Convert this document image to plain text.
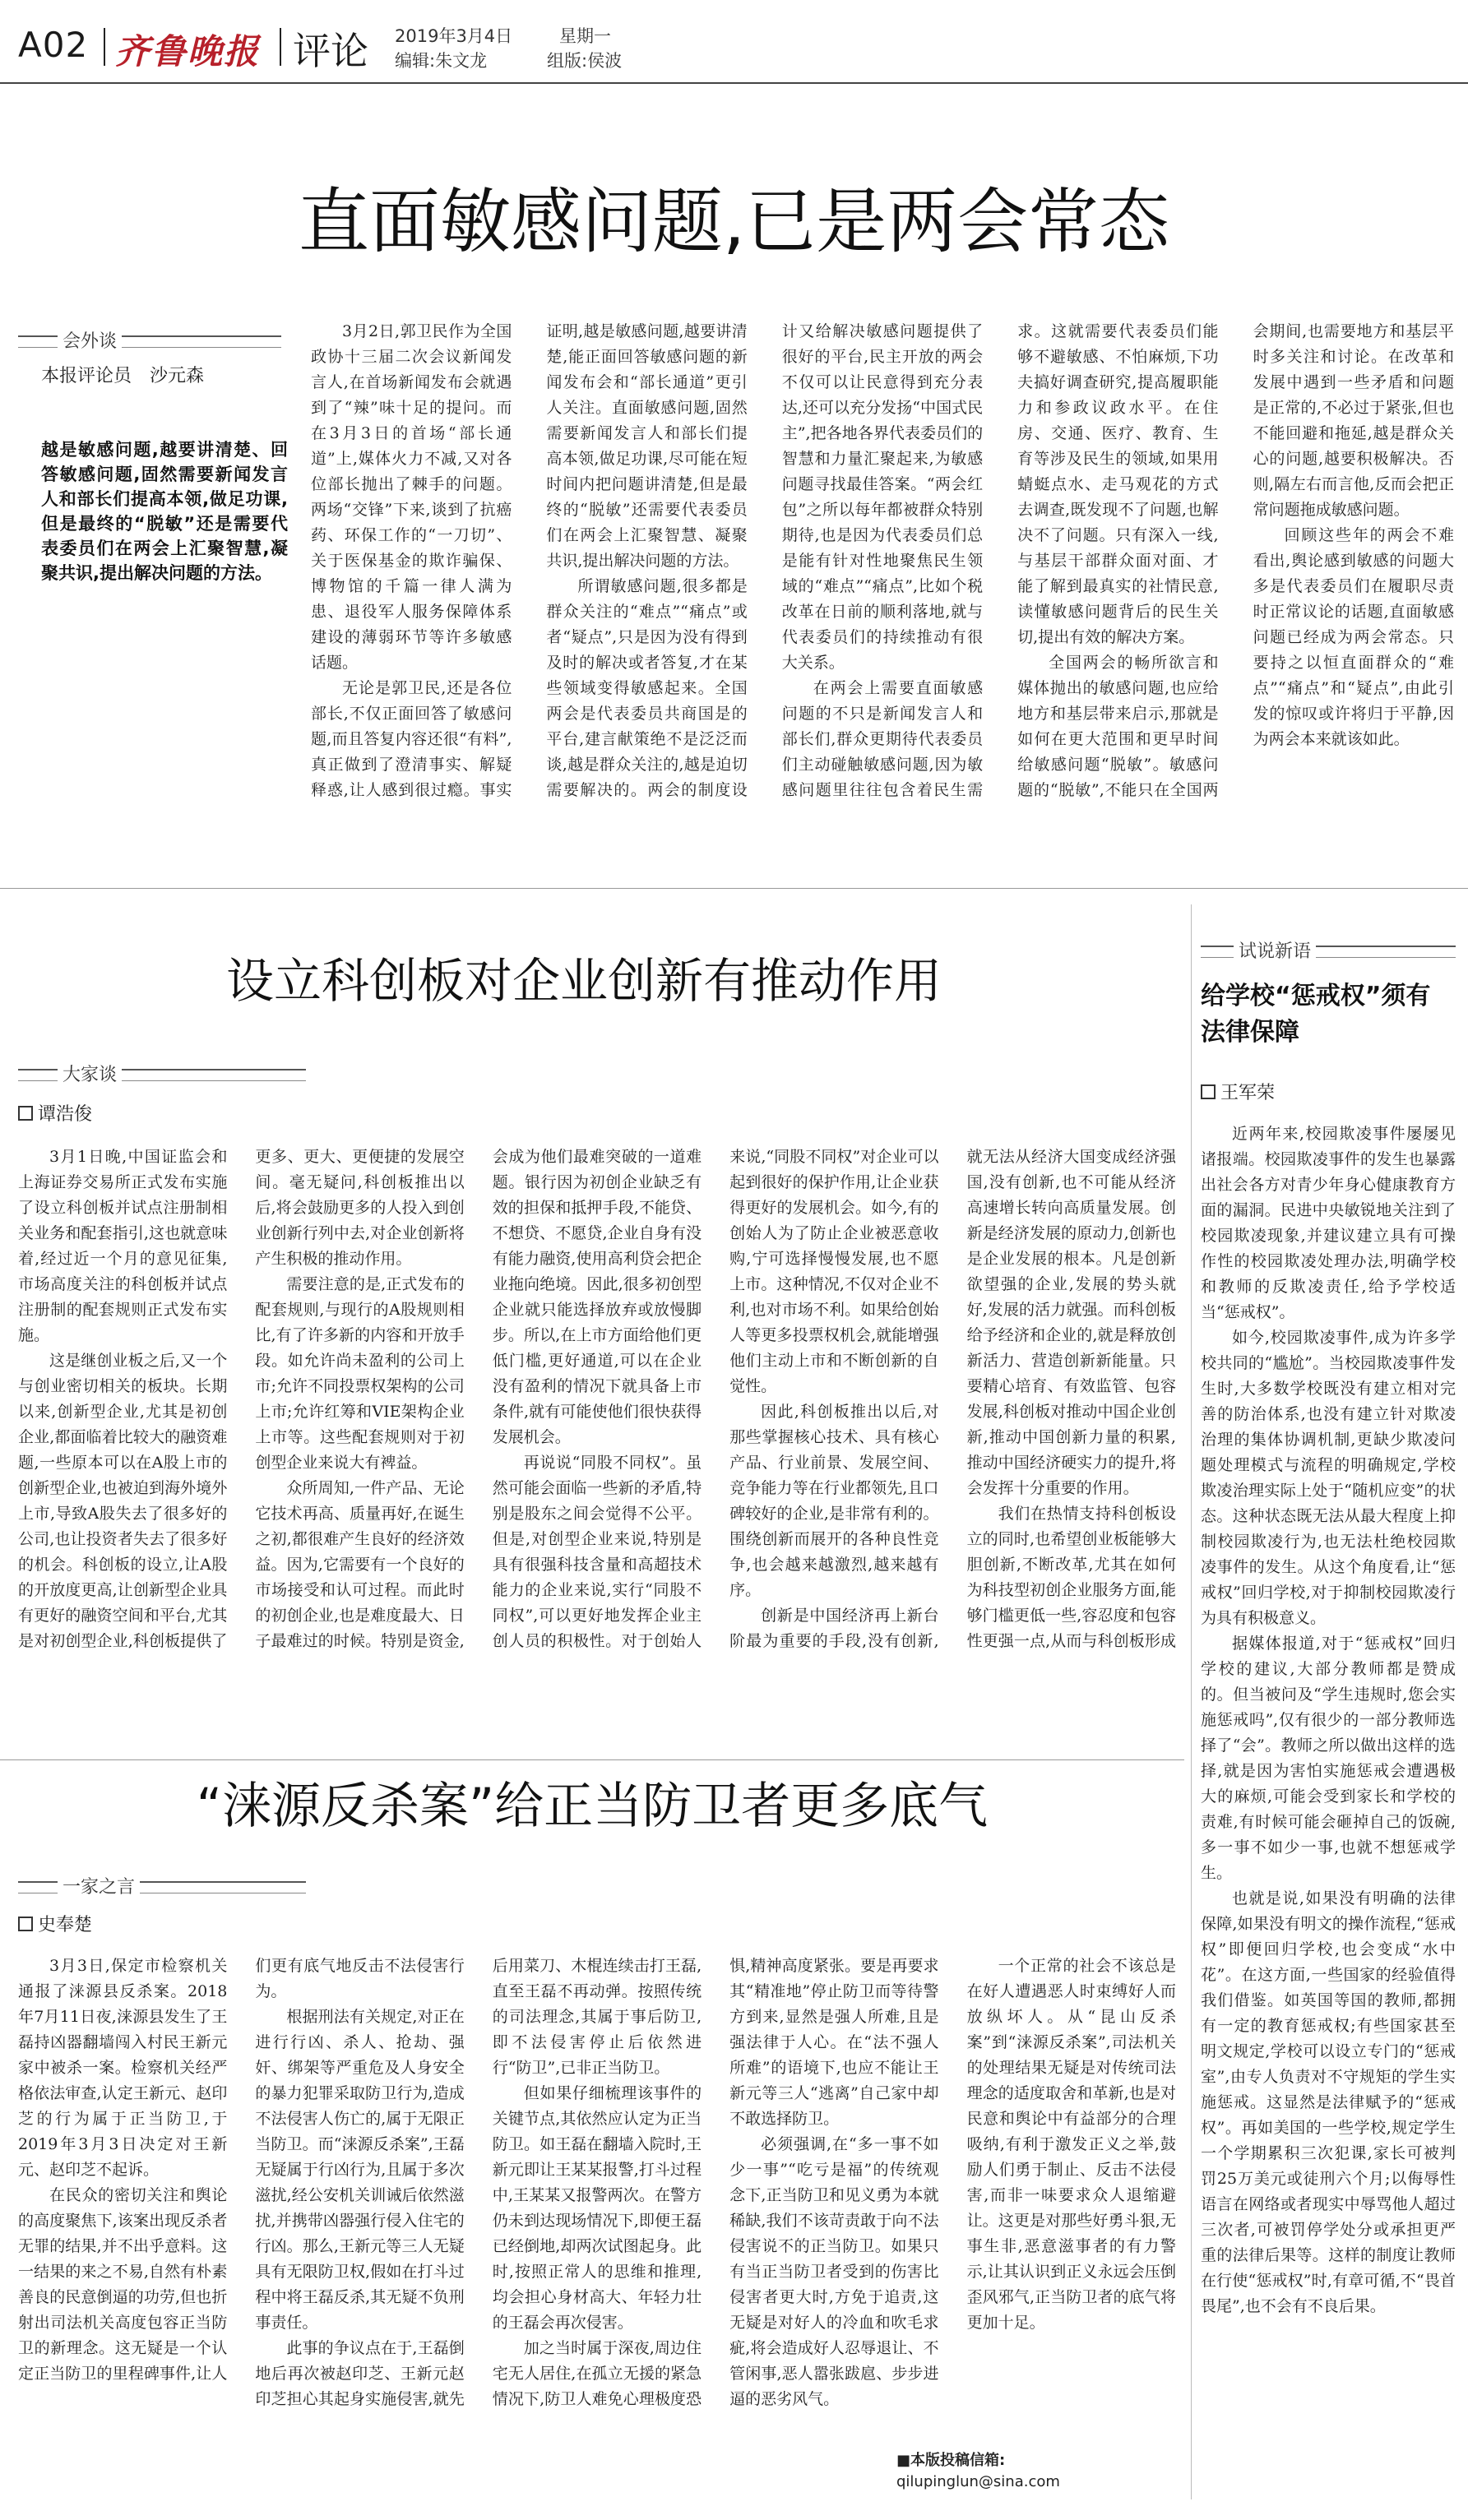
A02 齐鲁晚报 评论 2019年3月4日	星期一
编辑:朱文龙	组版:侯波
直面敏感问题,已是两会常态
会外谈
本报评论员　沙元森
越是敏感问题,越要讲清楚、回答敏感问题,固然需要新闻发言人和部长们提高本领,做足功课,但是最终的“脱敏”还是需要代表委员们在两会上汇聚智慧,凝聚共识,提出解决问题的方法。

3月2日,郭卫民作为全国政协十三届二次会议新闻发言人,在首场新闻发布会就遇到了“辣”味十足的提问。而在3月3日的首场“部长通道”上,媒体火力不减,又对各位部长抛出了棘手的问题。两场“交锋”下来,谈到了抗癌药、环保工作的“一刀切”、关于医保基金的欺诈骗保、博物馆的千篇一律人满为患、退役军人服务保障体系建设的薄弱环节等许多敏感话题。

无论是郭卫民,还是各位部长,不仅正面回答了敏感问题,而且答复内容还很“有料”,真正做到了澄清事实、解疑释惑,让人感到很过瘾。事实证明,越是敏感问题,越要讲清楚,能正面回答敏感问题的新闻发布会和“部长通道”更引人关注。直面敏感问题,固然需要新闻发言人和部长们提高本领,做足功课,尽可能在短时间内把问题讲清楚,但是最终的“脱敏”还需要代表委员们在两会上汇聚智慧、凝聚共识,提出解决问题的方法。

所谓敏感问题,很多都是群众关注的“难点”“痛点”或者“疑点”,只是因为没有得到及时的解决或者答复,才在某些领域变得敏感起来。全国两会是代表委员共商国是的平台,建言献策绝不是泛泛而谈,越是群众关注的,越是迫切需要解决的。两会的制度设计又给解决敏感问题提供了很好的平台,民主开放的两会不仅可以让民意得到充分表达,还可以充分发扬“中国式民主”,把各地各界代表委员们的智慧和力量汇聚起来,为敏感问题寻找最佳答案。“两会红包”之所以每年都被群众特别期待,也是因为代表委员们总是能有针对性地聚焦民生领域的“难点”“痛点”,比如个税改革在日前的顺利落地,就与代表委员们的持续推动有很大关系。

在两会上需要直面敏感问题的不只是新闻发言人和部长们,群众更期待代表委员们主动碰触敏感问题,因为敏感问题里往往包含着民生需求。这就需要代表委员们能够不避敏感、不怕麻烦,下功夫搞好调查研究,提高履职能力和参政议政水平。在住房、交通、医疗、教育、生育等涉及民生的领域,如果用蜻蜓点水、走马观花的方式去调查,既发现不了问题,也解决不了问题。只有深入一线,与基层干部群众面对面、才能了解到最真实的社情民意,读懂敏感问题背后的民生关切,提出有效的解决方案。

全国两会的畅所欲言和媒体抛出的敏感问题,也应给地方和基层带来启示,那就是如何在更大范围和更早时间给敏感问题“脱敏”。敏感问题的“脱敏”,不能只在全国两会期间,也需要地方和基层平时多关注和讨论。在改革和发展中遇到一些矛盾和问题是正常的,不必过于紧张,但也不能回避和拖延,越是群众关心的问题,越要积极解决。否则,隔左右而言他,反而会把正常问题拖成敏感问题。

回顾这些年的两会不难看出,舆论感到敏感的问题大多是代表委员们在履职尽责时正常议论的话题,直面敏感问题已经成为两会常态。只要持之以恒直面群众的“难点”“痛点”和“疑点”,由此引发的惊叹或许将归于平静,因为两会本来就该如此。

设立科创板对企业创新有推动作用
大家谈
谭浩俊

3月1日晚,中国证监会和上海证券交易所正式发布实施了设立科创板并试点注册制相关业务和配套指引,这也就意味着,经过近一个月的意见征集,市场高度关注的科创板并试点注册制的配套规则正式发布实施。

这是继创业板之后,又一个与创业密切相关的板块。长期以来,创新型企业,尤其是初创企业,都面临着比较大的融资难题,一些原本可以在A股上市的创新型企业,也被迫到海外境外上市,导致A股失去了很多好的公司,也让投资者失去了很多好的机会。科创板的设立,让A股的开放度更高,让创新型企业具有更好的融资空间和平台,尤其是对初创型企业,科创板提供了更多、更大、更便捷的发展空间。毫无疑问,科创板推出以后,将会鼓励更多的人投入到创业创新行列中去,对企业创新将产生积极的推动作用。

需要注意的是,正式发布的配套规则,与现行的A股规则相比,有了许多新的内容和开放手段。如允许尚未盈利的公司上市;允许不同投票权架构的公司上市;允许红筹和VIE架构企业上市等。这些配套规则对于初创型企业来说大有裨益。

众所周知,一件产品、无论它技术再高、质量再好,在诞生之初,都很难产生良好的经济效益。因为,它需要有一个良好的市场接受和认可过程。而此时的初创企业,也是难度最大、日子最难过的时候。特别是资金,会成为他们最难突破的一道难题。银行因为初创企业缺乏有效的担保和抵押手段,不能贷、不想贷、不愿贷,企业自身有没有能力融资,使用高利贷会把企业拖向绝境。因此,很多初创型企业就只能选择放弃或放慢脚步。所以,在上市方面给他们更低门槛,更好通道,可以在企业没有盈利的情况下就具备上市条件,就有可能使他们很快获得发展机会。

再说说“同股不同权”。虽然可能会面临一些新的矛盾,特别是股东之间会觉得不公平。但是,对创型企业来说,特别是具有很强科技含量和高超技术能力的企业来说,实行“同股不同权”,可以更好地发挥企业主创人员的积极性。对于创始人来说,“同股不同权”对企业可以起到很好的保护作用,让企业获得更好的发展机会。如今,有的创始人为了防止企业被恶意收购,宁可选择慢慢发展,也不愿上市。这种情况,不仅对企业不利,也对市场不利。如果给创始人等更多投票权机会,就能增强他们主动上市和不断创新的自觉性。

因此,科创板推出以后,对那些掌握核心技术、具有核心产品、行业前景、发展空间、竞争能力等在行业都领先,且口碑较好的企业,是非常有利的。围绕创新而展开的各种良性竞争,也会越来越激烈,越来越有序。

创新是中国经济再上新台阶最为重要的手段,没有创新,就无法从经济大国变成经济强国,没有创新,也不可能从经济高速增长转向高质量发展。创新是经济发展的原动力,创新也是企业发展的根本。凡是创新欲望强的企业,发展的势头就好,发展的活力就强。而科创板给予经济和企业的,就是释放创新活力、营造创新新能量。只要精心培育、有效监管、包容发展,科创板对推动中国企业创新,推动中国创新力量的积累,推动中国经济硬实力的提升,将会发挥十分重要的作用。

我们在热情支持科创板设立的同时,也希望创业板能够大胆创新,不断改革,尤其在如何为科技型初创企业服务方面,能够门槛更低一些,容忍度和包容性更强一点,从而与科创板形成

“涞源反杀案”给正当防卫者更多底气
一家之言
史奉楚

3月3日,保定市检察机关通报了涞源县反杀案。2018年7月11日夜,涞源县发生了王磊持凶器翻墙闯入村民王新元家中被杀一案。检察机关经严格依法审查,认定王新元、赵印芝的行为属于正当防卫,于2019年3月3日决定对王新元、赵印芝不起诉。

在民众的密切关注和舆论的高度聚焦下,该案出现反杀者无罪的结果,并不出乎意料。这一结果的来之不易,自然有朴素善良的民意倒逼的功劳,但也折射出司法机关高度包容正当防卫的新理念。这无疑是一个认定正当防卫的里程碑事件,让人们更有底气地反击不法侵害行为。

根据刑法有关规定,对正在进行行凶、杀人、抢劫、强奸、绑架等严重危及人身安全的暴力犯罪采取防卫行为,造成不法侵害人伤亡的,属于无限正当防卫。而“涞源反杀案”,王磊无疑属于行凶行为,且属于多次滋扰,经公安机关训诫后依然滋扰,并携带凶器强行侵入住宅的行凶。那么,王新元等三人无疑具有无限防卫权,假如在打斗过程中将王磊反杀,其无疑不负刑事责任。

此事的争议点在于,王磊倒地后再次被赵印芝、王新元赵印芝担心其起身实施侵害,就先后用菜刀、木棍连续击打王磊,直至王磊不再动弹。按照传统的司法理念,其属于事后防卫,即不法侵害停止后依然进行“防卫”,已非正当防卫。

但如果仔细梳理该事件的关键节点,其依然应认定为正当防卫。如王磊在翻墙入院时,王新元即让王某某报警,打斗过程中,王某某又报警两次。在警方仍未到达现场情况下,即便王磊已经倒地,却两次试图起身。此时,按照正常人的思维和推理,均会担心身材高大、年轻力壮的王磊会再次侵害。

加之当时属于深夜,周边住宅无人居住,在孤立无援的紧急情况下,防卫人难免心理极度恐惧,精神高度紧张。要是再要求其“精准地”停止防卫而等待警方到来,显然是强人所难,且是强法律于人心。在“法不强人所难”的语境下,也应不能让王新元等三人“逃离”自己家中却不敢选择防卫。

必须强调,在“多一事不如少一事”“吃亏是福”的传统观念下,正当防卫和见义勇为本就稀缺,我们不该苛责敢于向不法侵害说不的正当防卫。如果只有当正当防卫者受到的伤害比侵害者更大时,方免于追责,这无疑是对好人的冷血和吹毛求疵,将会造成好人忍辱退让、不管闲事,恶人嚣张跋扈、步步进逼的恶劣风气。

一个正常的社会不该总是在好人遭遇恶人时束缚好人而放纵坏人。从“昆山反杀案”到“涞源反杀案”,司法机关的处理结果无疑是对传统司法理念的适度取舍和革新,也是对民意和舆论中有益部分的合理吸纳,有利于激发正义之举,鼓励人们勇于制止、反击不法侵害,而非一味要求众人退缩避让。这更是对那些好勇斗狠,无事生非,恶意滋事者的有力警示,让其认识到正义永远会压倒歪风邪气,正当防卫者的底气将更加十足。

■本版投稿信箱:
qilupinglun@sina.com
试说新语
给学校“惩戒权”须有法律保障
王军荣

近两年来,校园欺凌事件屡屡见诸报端。校园欺凌事件的发生也暴露出社会各方对青少年身心健康教育方面的漏洞。民进中央敏锐地关注到了校园欺凌现象,并建议建立具有可操作性的校园欺凌处理办法,明确学校和教师的反欺凌责任,给予学校适当“惩戒权”。

如今,校园欺凌事件,成为许多学校共同的“尴尬”。当校园欺凌事件发生时,大多数学校既没有建立相对完善的防治体系,也没有建立针对欺凌治理的集体协调机制,更缺少欺凌问题处理模式与流程的明确规定,学校欺凌治理实际上处于“随机应变”的状态。这种状态既无法从最大程度上抑制校园欺凌行为,也无法杜绝校园欺凌事件的发生。从这个角度看,让“惩戒权”回归学校,对于抑制校园欺凌行为具有积极意义。

据媒体报道,对于“惩戒权”回归学校的建议,大部分教师都是赞成的。但当被问及“学生违规时,您会实施惩戒吗”,仅有很少的一部分教师选择了“会”。教师之所以做出这样的选择,就是因为害怕实施惩戒会遭遇极大的麻烦,可能会受到家长和学校的责难,有时候可能会砸掉自己的饭碗,多一事不如少一事,也就不想惩戒学生。

也就是说,如果没有明确的法律保障,如果没有明文的操作流程,“惩戒权”即便回归学校,也会变成“水中花”。在这方面,一些国家的经验值得我们借鉴。如英国等国的教师,都拥有一定的教育惩戒权;有些国家甚至明文规定,学校可以设立专门的“惩戒室”,由专人负责对不守规矩的学生实施惩戒。这显然是法律赋予的“惩戒权”。再如美国的一些学校,规定学生一个学期累积三次犯课,家长可被判罚25万美元或徒刑六个月;以侮辱性语言在网络或者现实中辱骂他人超过三次者,可被罚停学处分或承担更严重的法律后果等。这样的制度让教师在行使“惩戒权”时,有章可循,不“畏首畏尾”,也不会有不良后果。
